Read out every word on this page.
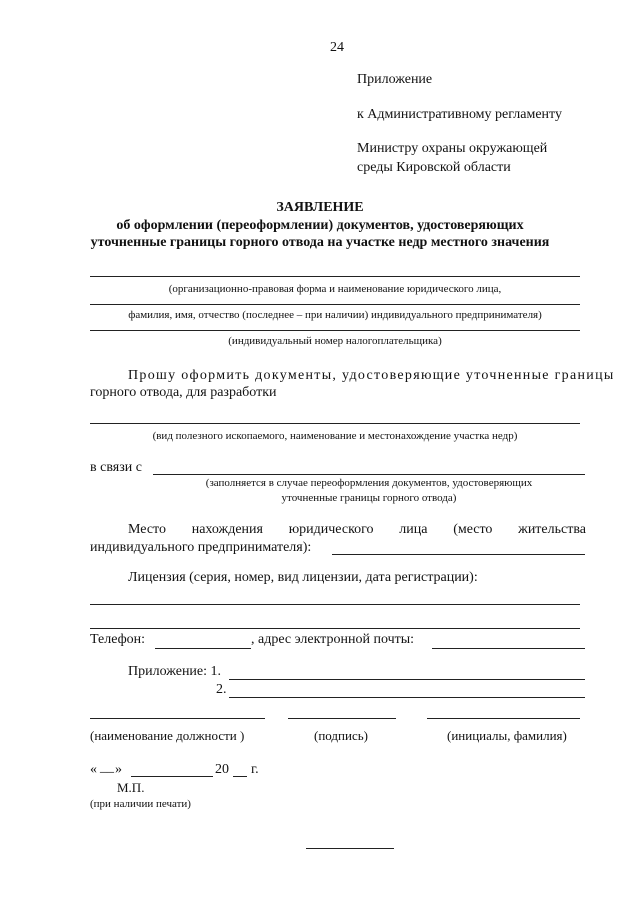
24
Приложение
к Административному регламенту
Министру охраны окружающей
среды Кировской области
ЗАЯВЛЕНИЕ
об оформлении (переоформлении) документов, удостоверяющих
уточненные границы горного отвода на участке недр местного значения
(организационно-правовая форма и наименование юридического лица,
фамилия, имя, отчество (последнее – при наличии) индивидуального предпринимателя)
(индивидуальный номер налогоплательщика)
Прошу оформить документы, удостоверяющие уточненные границы
горного отвода, для разработки
(вид полезного ископаемого, наименование и местонахождение участка недр)
в связи с
(заполняется в случае переоформления документов, удостоверяющих
уточненные границы горного отвода)
Место нахождения юридического лица (место жительства
индивидуального предпринимателя):
Лицензия (серия, номер, вид лицензии, дата регистрации):
Телефон:	, адрес электронной почты:
Приложение: 1.
2.
(наименование должности )	(подпись)	(инициалы, фамилия)
« __ »	20 г.
М.П.
(при наличии печати)
